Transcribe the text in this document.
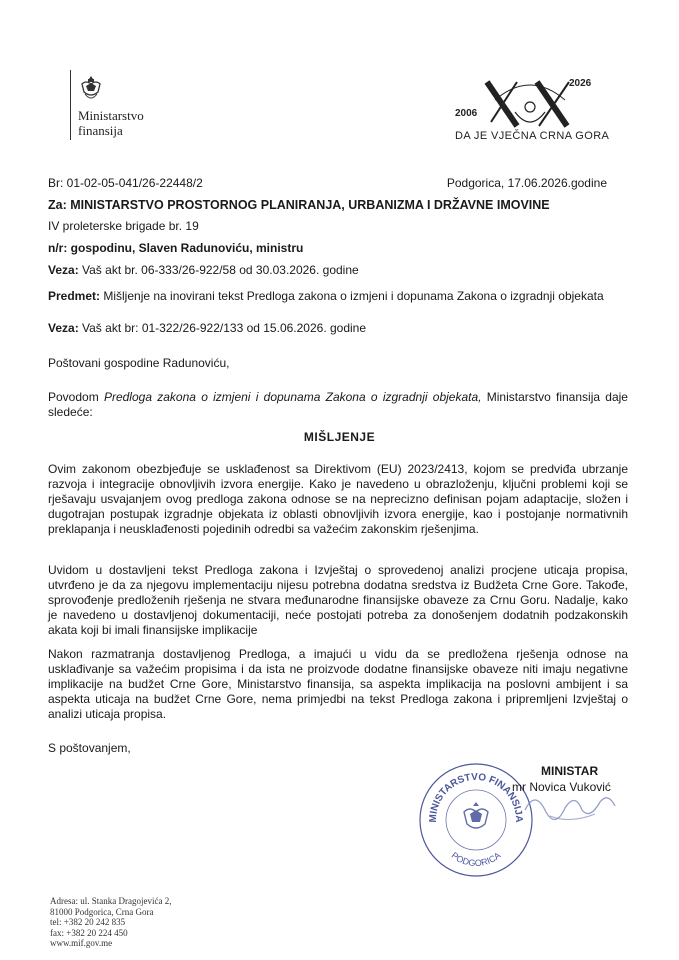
Ministarstvo
finansija
2006
2026
DA JE VJEČNA CRNA GORA
Br: 01-02-05-041/26-22448/2	Podgorica, 17.06.2026.godine
Za: MINISTARSTVO PROSTORNOG PLANIRANJA, URBANIZMA I DRŽAVNE IMOVINE
IV proleterske brigade br. 19
n/r: gospodinu, Slaven Radunoviću, ministru
Veza: Vaš akt br. 06-333/26-922/58 od 30.03.2026. godine
Predmet: Mišljenje na inovirani tekst Predloga zakona o izmjeni i dopunama Zakona o izgradnji objekata
Veza: Vaš akt br: 01-322/26-922/133 od 15.06.2026. godine
Poštovani gospodine Radunoviću,
Povodom Predloga zakona o izmjeni i dopunama Zakona o izgradnji objekata, Ministarstvo finansija daje sledeće:
MIŠLJENJE
Ovim zakonom obezbjeđuje se usklađenost sa Direktivom (EU) 2023/2413, kojom se predviđa ubrzanje razvoja i integracije obnovljivih izvora energije. Kako je navedeno u obrazloženju, ključni problemi koji se rješavaju usvajanjem ovog predloga zakona odnose se na neprecizno definisan pojam adaptacije, složen i dugotrajan postupak izgradnje objekata iz oblasti obnovljivih izvora energije, kao i postojanje normativnih preklapanja i neusklađenosti pojedinih odredbi sa važećim zakonskim rješenjima.
Uvidom u dostavljeni tekst Predloga zakona i Izvještaj o sprovedenoj analizi procjene uticaja propisa, utvrđeno je da za njegovu implementaciju nijesu potrebna dodatna sredstva iz Budžeta Crne Gore. Takođe, sprovođenje predloženih rješenja ne stvara međunarodne finansijske obaveze za Crnu Goru. Nadalje, kako je navedeno u dostavljenoj dokumentaciji, neće postojati potreba za donošenjem dodatnih podzakonskih akata koji bi imali finansijske implikacije
Nakon razmatranja dostavljenog Predloga, a imajući u vidu da se predložena rješenja odnose na usklađivanje sa važećim propisima i da ista ne proizvode dodatne finansijske obaveze niti imaju negativne implikacije na budžet Crne Gore, Ministarstvo finansija, sa aspekta implikacija na poslovni ambijent i sa aspekta uticaja na budžet Crne Gore, nema primjedbi na tekst Predloga zakona i pripremljeni Izvještaj o analizi uticaja propisa.
S poštovanjem,
MINISTARSTVO FINANSIJA
PODGORICA
MINISTAR
mr Novica Vuković
Adresa: ul. Stanka Dragojevića 2,
81000 Podgorica, Crna Gora
tel: +382 20 242 835
fax: +382 20 224 450
www.mif.gov.me
